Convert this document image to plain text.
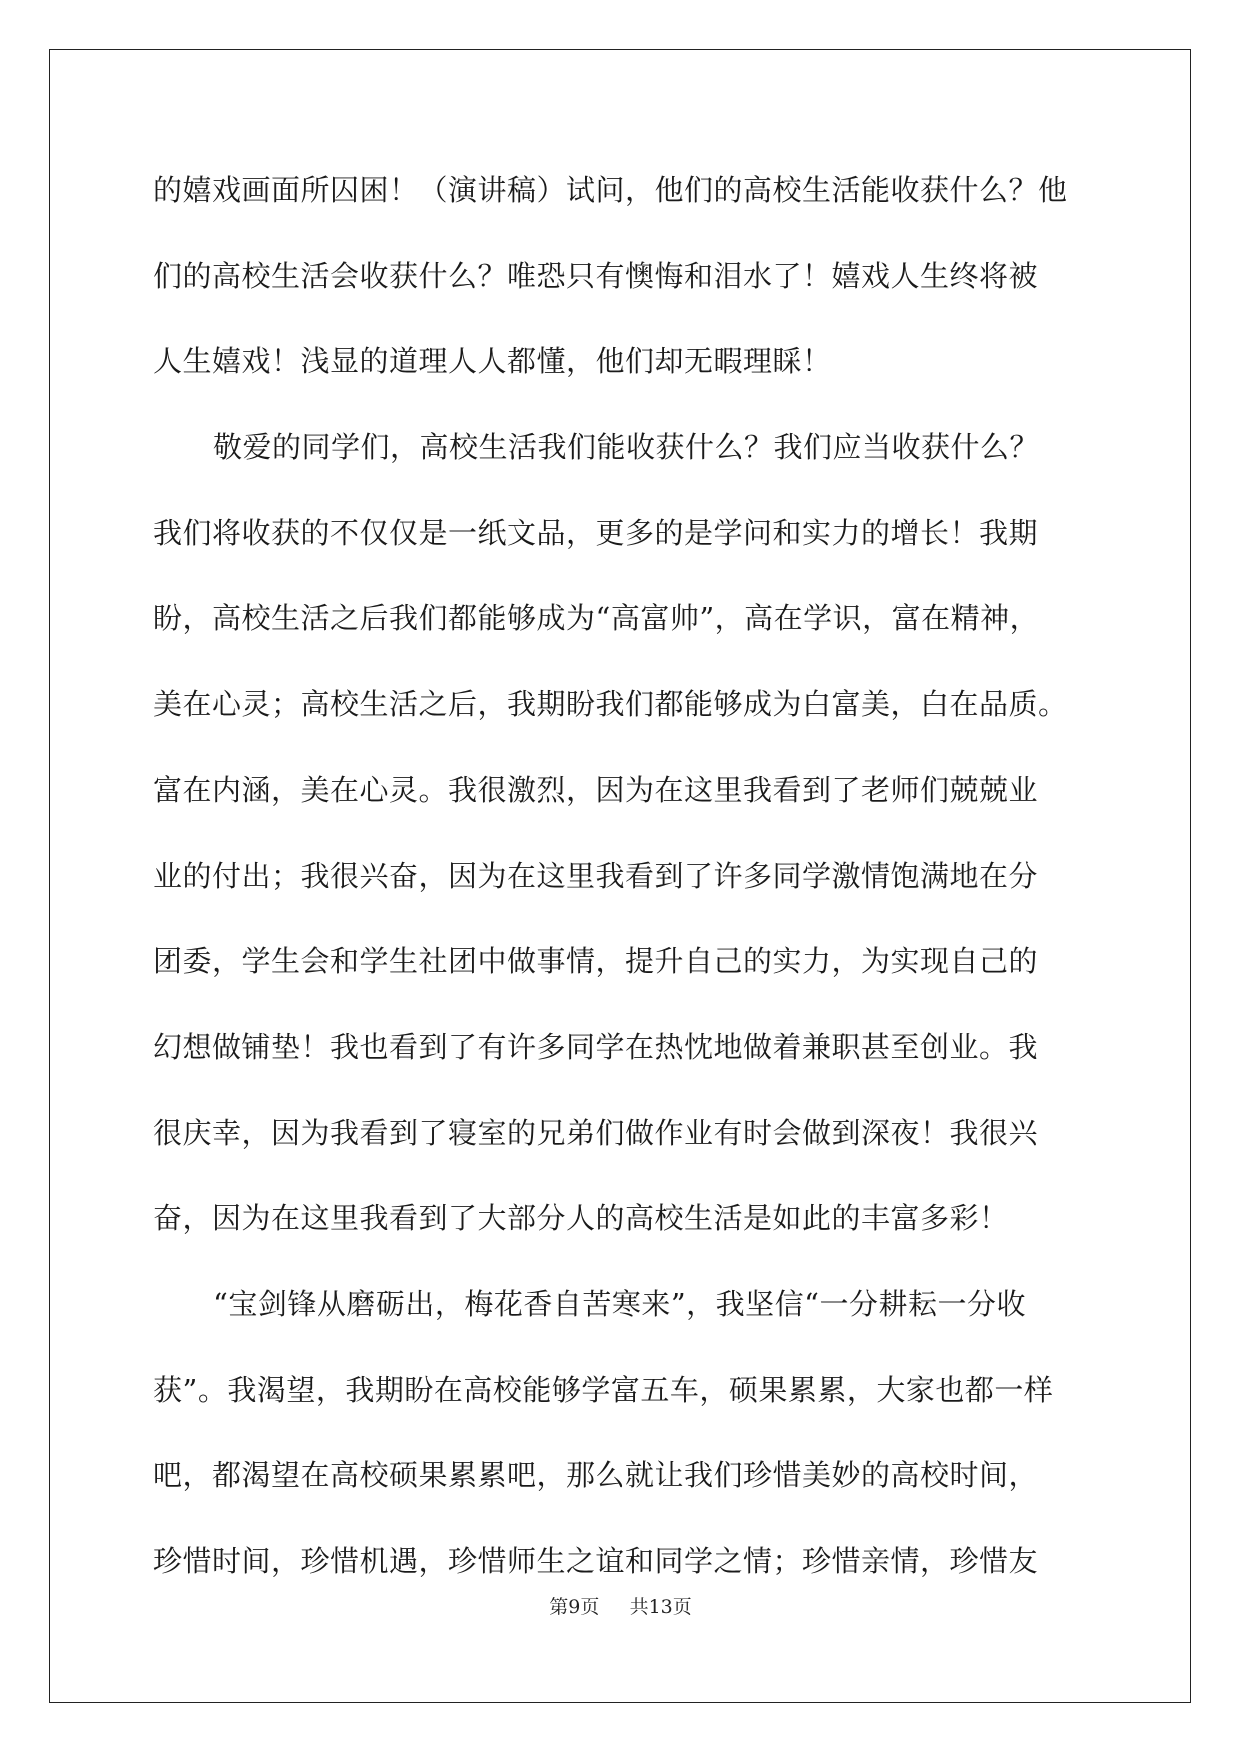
的嬉戏画面所囚困！（演讲稿）试问，他们的高校生活能收获什么？他
们的高校生活会收获什么？唯恐只有懊悔和泪水了！嬉戏人生终将被
人生嬉戏！浅显的道理人人都懂，他们却无暇理睬！
敬爱的同学们，高校生活我们能收获什么？我们应当收获什么？
我们将收获的不仅仅是一纸文品，更多的是学问和实力的增长！我期
盼，高校生活之后我们都能够成为“高富帅”，高在学识，富在精神，
美在心灵；高校生活之后，我期盼我们都能够成为白富美，白在品质。
富在内涵，美在心灵。我很激烈，因为在这里我看到了老师们兢兢业
业的付出；我很兴奋，因为在这里我看到了许多同学激情饱满地在分
团委，学生会和学生社团中做事情，提升自己的实力，为实现自己的
幻想做铺垫！我也看到了有许多同学在热忱地做着兼职甚至创业。我
很庆幸，因为我看到了寝室的兄弟们做作业有时会做到深夜！我很兴
奋，因为在这里我看到了大部分人的高校生活是如此的丰富多彩！
“宝剑锋从磨砺出，梅花香自苦寒来”，我坚信“一分耕耘一分收
获”。我渴望，我期盼在高校能够学富五车，硕果累累，大家也都一样
吧，都渴望在高校硕果累累吧，那么就让我们珍惜美妙的高校时间，
珍惜时间，珍惜机遇，珍惜师生之谊和同学之情；珍惜亲情，珍惜友
第9页 共13页
